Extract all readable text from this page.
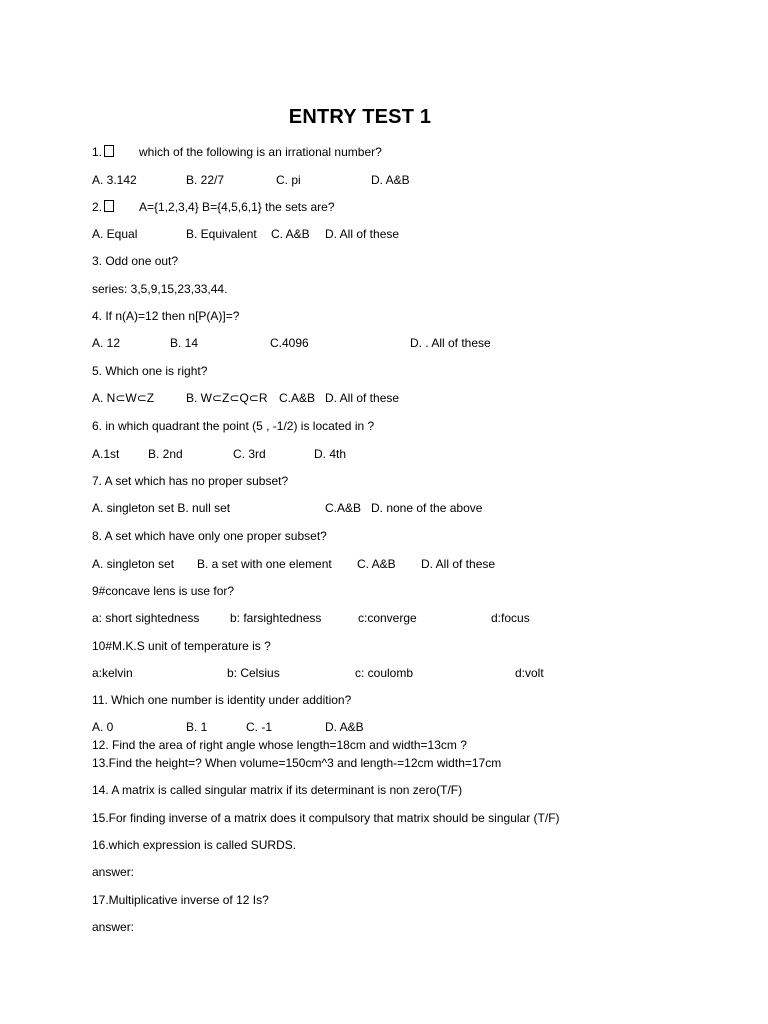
ENTRY TEST 1
1.	which of the following is an irrational number?
A. 3.142	B. 22/7	C. pi	D. A&B
2.	A={1,2,3,4} B={4,5,6,1} the sets are?
A. Equal	B. Equivalent C. A&B D. All of these
3. Odd one out?
series: 3,5,9,15,23,33,44.
4. If n(A)=12 then n[P(A)]=?
A. 12	B. 14	C.4096	D. . All of these
5. Which one is right?
A. N⊂W⊂Z	B. W⊂Z⊂Q⊂R C.A&B D. All of these
6. in which quadrant the point (5 , -1/2) is located in ?
A.1st B. 2nd	C. 3rd	D. 4th
7. A set which has no proper subset?
A. singleton set B. null set	C.A&B D. none of the above
8. A set which have only one proper subset?
A. singleton set B. a set with one element C. A&B D. All of these
9#concave lens is use for?
a: short sightedness	b: farsightedness	c:converge	d:focus
10#M.K.S unit of temperature is ?
a:kelvin	b: Celsius	c: coulomb	d:volt
11. Which one number is identity under addition?
A. 0	B. 1	C. -1	D. A&B
12. Find the area of right angle whose length=18cm and width=13cm ?
13.Find the height=? When volume=150cm^3 and length-=12cm width=17cm
14. A matrix is called singular matrix if its determinant is non zero(T/F)
15.For finding inverse of a matrix does it compulsory that matrix should be singular (T/F)
16.which expression is called SURDS.
answer:
17.Multiplicative inverse of 12 Is?
answer:
